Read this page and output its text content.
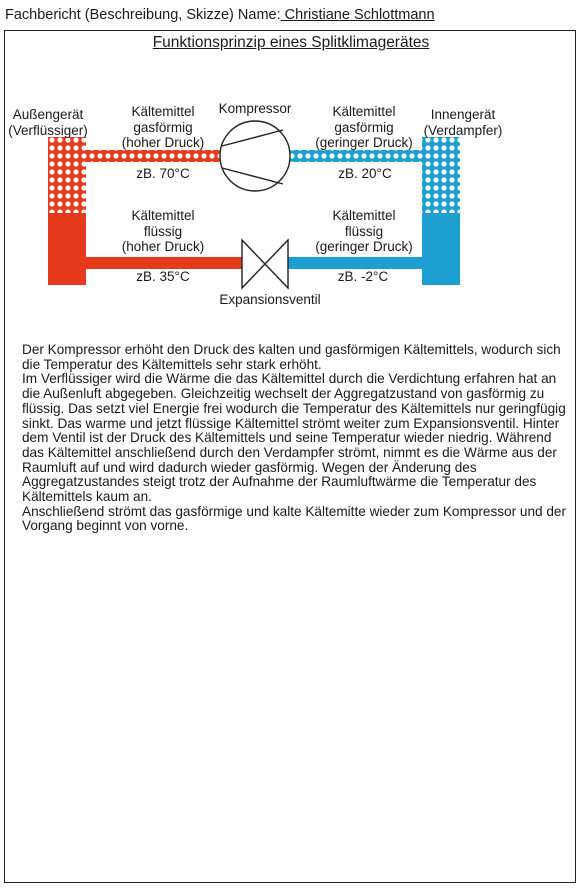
Fachbericht (Beschreibung, Skizze) Name: Christiane Schlottmann
Funktionsprinzip eines Splitklimagerätes
Außengerät
(Verflüssiger)
Innengerät
(Verdampfer)
Kompressor
Kältemittel
gasförmig
(hoher Druck)
Kältemittel
gasförmig
(geringer Druck)
zB. 70°C	zB. 20°C
Kältemittel
flüssig
(hoher Druck)
Kältemittel
flüssig
(geringer Druck)
zB. 35°C	zB. -2°C
Expansionsventil

Der Kompressor erhöht den Druck des kalten und gasförmigen Kältemittels, wodurch sich die Temperatur des Kältemittels sehr stark erhöht.

Im Verflüssiger wird die Wärme die das Kältemittel durch die Verdichtung erfahren hat an die Außenluft abgegeben. Gleichzeitig wechselt der Aggregatzustand von gasförmig zu flüssig. Das setzt viel Energie frei wodurch die Temperatur des Kältemittels nur geringfügig sinkt. Das warme und jetzt flüssige Kältemittel strömt weiter zum Expansionsventil. Hinter dem Ventil ist der Druck des Kältemittels und seine Temperatur wieder niedrig. Während das Kältemittel anschließend durch den Verdampfer strömt, nimmt es die Wärme aus der Raumluft auf und wird dadurch wieder gasförmig. Wegen der Änderung des Aggregatzustandes steigt trotz der Aufnahme der Raumluftwärme die Temperatur des Kältemittels kaum an.

Anschließend strömt das gasförmige und kalte Kältemitte wieder zum Kompressor und der Vorgang beginnt von vorne.
